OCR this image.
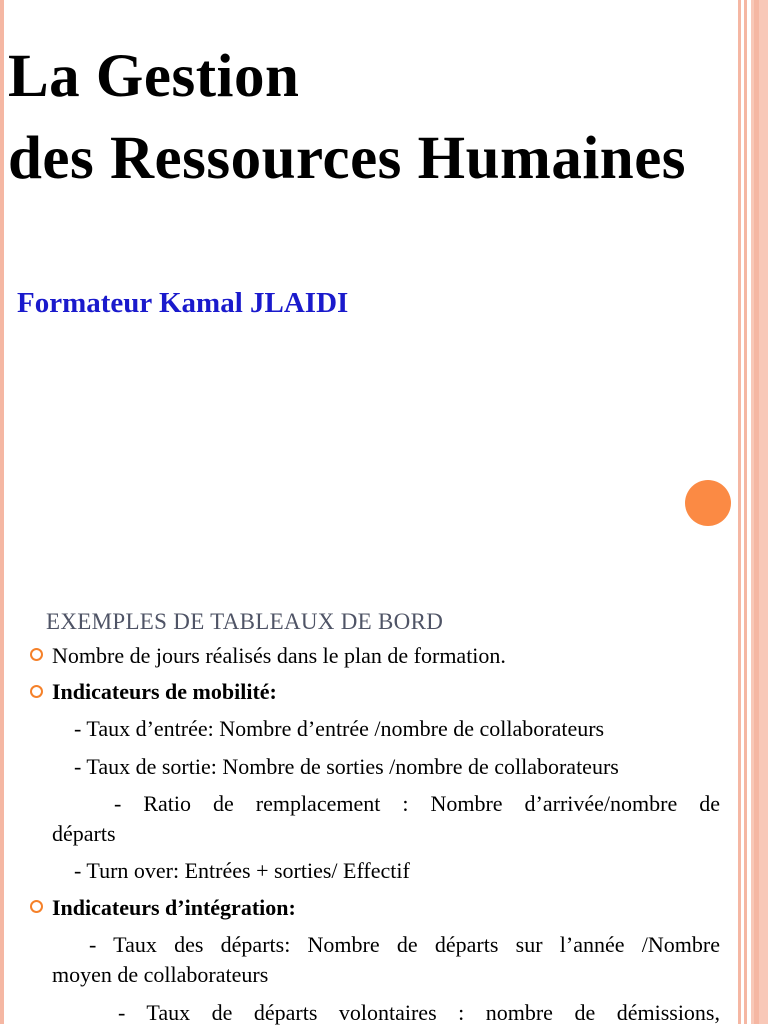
La Gestion
des Ressources Humaines
Formateur Kamal JLAIDI
EXEMPLES DE TABLEAUX DE BORD
Nombre de jours réalisés dans le plan de formation.
Indicateurs de mobilité:
- Taux d’entrée: Nombre d’entrée /nombre de collaborateurs
- Taux de sortie: Nombre de sorties /nombre de collaborateurs
- Ratio de remplacement : Nombre d’arrivée/nombre de
départs
- Turn over: Entrées + sorties/ Effectif
Indicateurs d’intégration:
- Taux des départs: Nombre de départs sur l’année /Nombre
moyen de collaborateurs
- Taux de départs volontaires : nombre de démissions,
